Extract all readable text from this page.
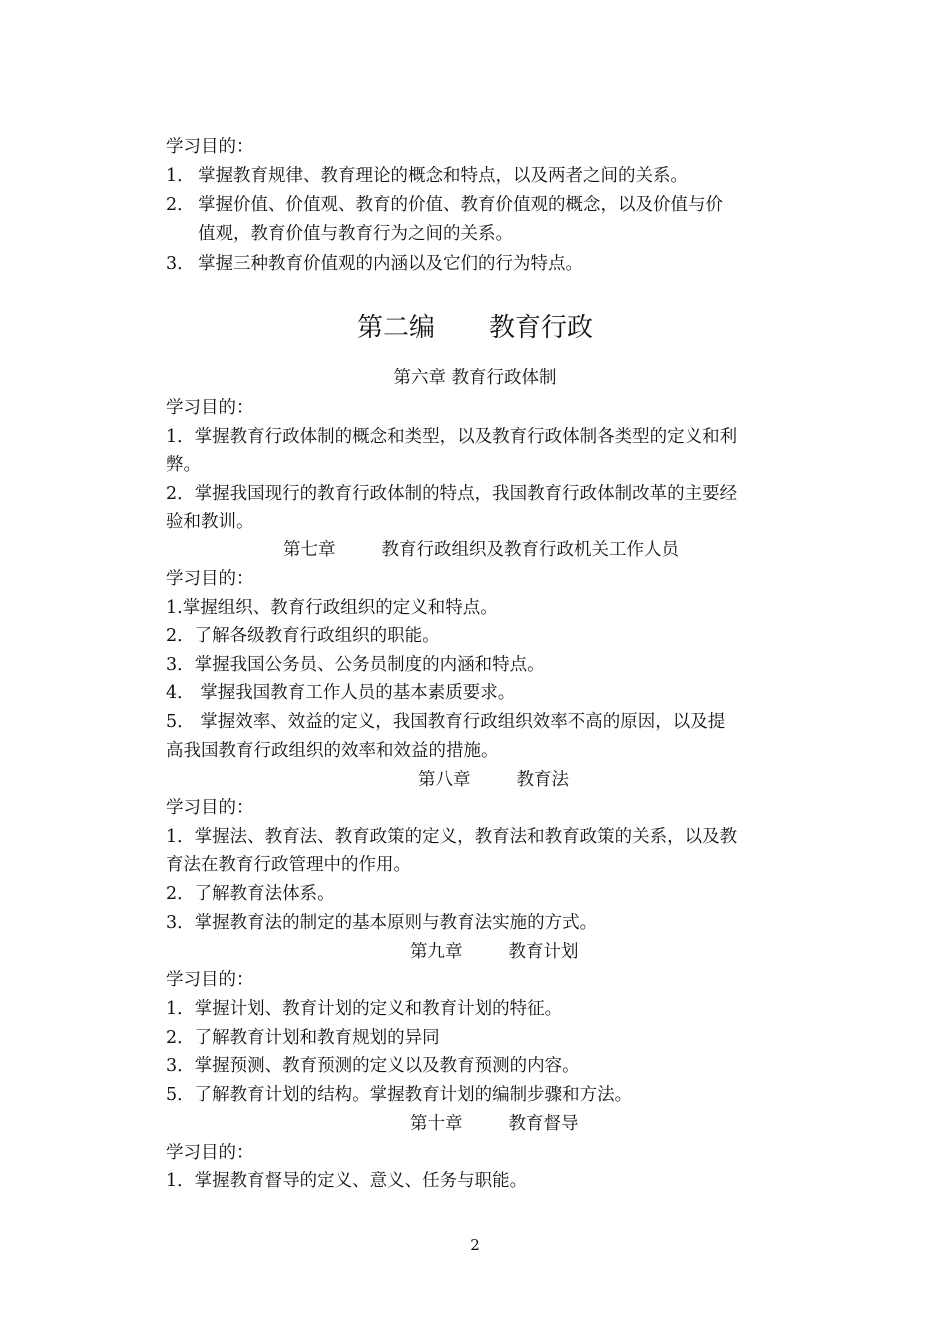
学习目的：
1． 掌握教育规律、教育理论的概念和特点，以及两者之间的关系。
2． 掌握价值、价值观、教育的价值、教育价值观的概念，以及价值与价
值观，教育价值与教育行为之间的关系。
3． 掌握三种教育价值观的内涵以及它们的行为特点。
第二编 教育行政
第六章 教育行政体制
学习目的：
1．掌握教育行政体制的概念和类型，以及教育行政体制各类型的定义和利
弊。
2．掌握我国现行的教育行政体制的特点，我国教育行政体制改革的主要经
验和教训。
第七章	教育行政组织及教育行政机关工作人员
学习目的：
1.掌握组织、教育行政组织的定义和特点。
2．了解各级教育行政组织的职能。
3．掌握我国公务员、公务员制度的内涵和特点。
4． 掌握我国教育工作人员的基本素质要求。
5． 掌握效率、效益的定义，我国教育行政组织效率不高的原因，以及提
高我国教育行政组织的效率和效益的措施。
第八章	教育法
学习目的：
1．掌握法、教育法、教育政策的定义，教育法和教育政策的关系，以及教
育法在教育行政管理中的作用。
2．了解教育法体系。
3．掌握教育法的制定的基本原则与教育法实施的方式。
第九章	教育计划
学习目的：
1．掌握计划、教育计划的定义和教育计划的特征。
2．了解教育计划和教育规划的异同
3．掌握预测、教育预测的定义以及教育预测的内容。
5．了解教育计划的结构。掌握教育计划的编制步骤和方法。
第十章	教育督导
学习目的：
1．掌握教育督导的定义、意义、任务与职能。
2
